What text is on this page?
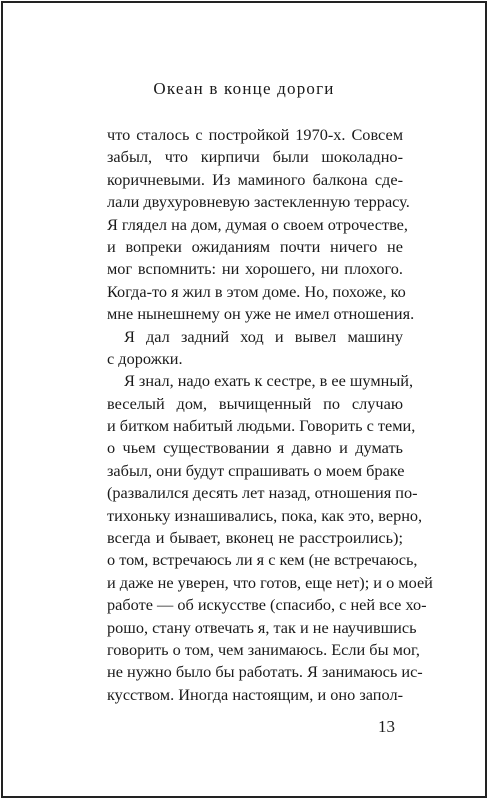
Океан в конце дороги
что сталось с постройкой 1970-х. Совсем
забыл, что кирпичи были шоколадно-
коричневыми. Из маминого балкона сде-
лали двухуровневую застекленную террасу.
Я глядел на дом, думая о своем отрочестве,
и вопреки ожиданиям почти ничего не
мог вспомнить: ни хорошего, ни плохого.
Когда-то я жил в этом доме. Но, похоже, ко
мне нынешнему он уже не имел отношения.
Я дал задний ход и вывел машину
с дорожки.
Я знал, надо ехать к сестре, в ее шумный,
веселый дом, вычищенный по случаю
и битком набитый людьми. Говорить с теми,
о чьем существовании я давно и думать
забыл, они будут спрашивать о моем браке
(развалился десять лет назад, отношения по-
тихоньку изнашивались, пока, как это, верно,
всегда и бывает, вконец не расстроились);
о том, встречаюсь ли я с кем (не встречаюсь,
и даже не уверен, что готов, еще нет); и о моей
работе — об искусстве (спасибо, с ней все хо-
рошо, стану отвечать я, так и не научившись
говорить о том, чем занимаюсь. Если бы мог,
не нужно было бы работать. Я занимаюсь ис-
кусством. Иногда настоящим, и оно запол-
13
